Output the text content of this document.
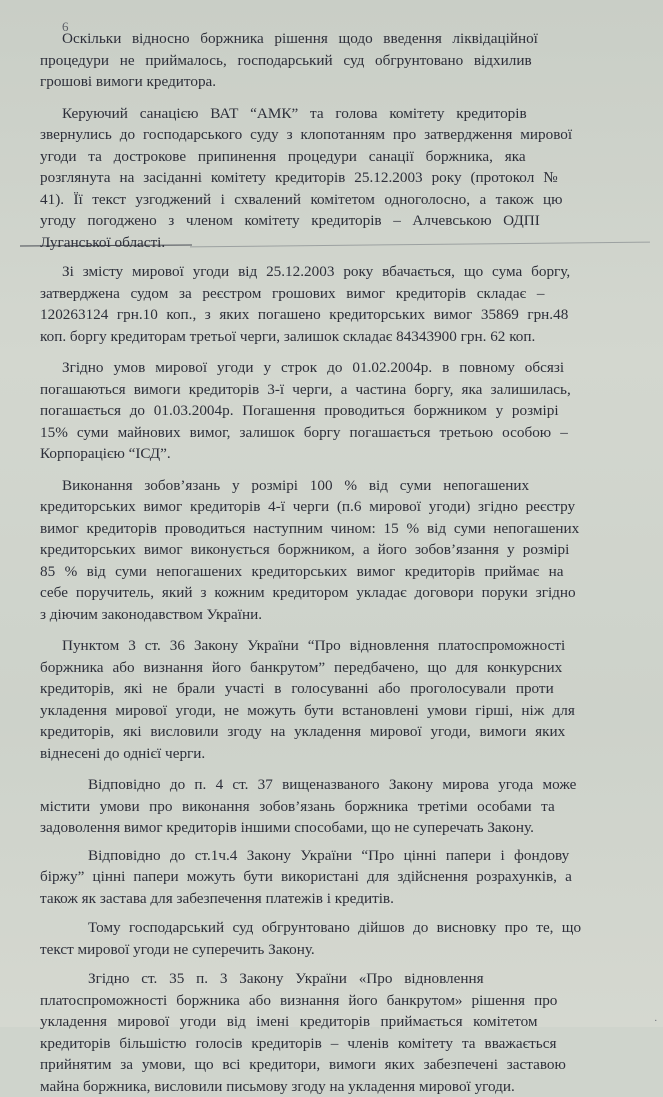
6
Оскільки відносно боржника рішення щодо введення ліквідаційної
процедури не приймалось, господарський суд обгрунтовано відхилив
грошові вимоги кредитора.
Керуючий санацією ВАТ “АМК” та голова комітету кредиторів
звернулись до господарського суду з клопотанням про затвердження мирової
угоди та дострокове припинення процедури санації боржника, яка
розглянута на засіданні комітету кредиторів 25.12.2003 року (протокол №
41). Її текст узгоджений і схвалений комітетом одноголосно, а також цю
угоду погоджено з членом комітету кредиторів – Алчевською ОДПІ
Луганської області.
Зі змісту мирової угоди від 25.12.2003 року вбачається, що сума боргу,
затверджена судом за реєстром грошових вимог кредиторів складає –
120263124 грн.10 коп., з яких погашено кредиторських вимог 35869 грн.48
коп. боргу кредиторам третьої черги, залишок складає 84343900 грн. 62 коп.
Згідно умов мирової угоди у строк до 01.02.2004р. в повному обсязі
погашаються вимоги кредиторів 3-ї черги, а частина боргу, яка залишилась,
погашається до 01.03.2004р. Погашення проводиться боржником у розмірі
15% суми майнових вимог, залишок боргу погашається третьою особою –
Корпорацією “ІСД”.
Виконання зобов’язань у розмірі 100 % від суми непогашених
кредиторських вимог кредиторів 4-ї черги (п.6 мирової угоди) згідно реєстру
вимог кредиторів проводиться наступним чином: 15 % від суми непогашених
кредиторських вимог виконується боржником, а його зобов’язання у розмірі
85 % від суми непогашених кредиторських вимог кредиторів приймає на
себе поручитель, який з кожним кредитором укладає договори поруки згідно
з діючим законодавством України.
Пунктом 3 ст. 36 Закону України “Про відновлення платоспроможності
боржника або визнання його банкрутом” передбачено, що для конкурсних
кредиторів, які не брали участі в голосуванні або проголосували проти
укладення мирової угоди, не можуть бути встановлені умови гірші, ніж для
кредиторів, які висловили згоду на укладення мирової угоди, вимоги яких
віднесені до однієї черги.
Відповідно до п. 4 ст. 37 вищеназваного Закону мирова угода може
містити умови про виконання зобов’язань боржника третіми особами та
задоволення вимог кредиторів іншими способами, що не суперечать Закону.
Відповідно до ст.1ч.4 Закону України “Про цінні папери і фондову
біржу” цінні папери можуть бути використані для здійснення розрахунків, а
також як застава для забезпечення платежів і кредитів.
Тому господарський суд обгрунтовано дійшов до висновку про те, що
текст мирової угоди не суперечить Закону.
Згідно ст. 35 п. 3 Закону України «Про відновлення
платоспроможності боржника або визнання його банкрутом» рішення про
укладення мирової угоди від імені кредиторів приймається комітетом
кредиторів більшістю голосів кредиторів – членів комітету та вважається
прийнятим за умови, що всі кредитори, вимоги яких забезпечені заставою
майна боржника, висловили письмову згоду на укладення мирової угоди.
.
